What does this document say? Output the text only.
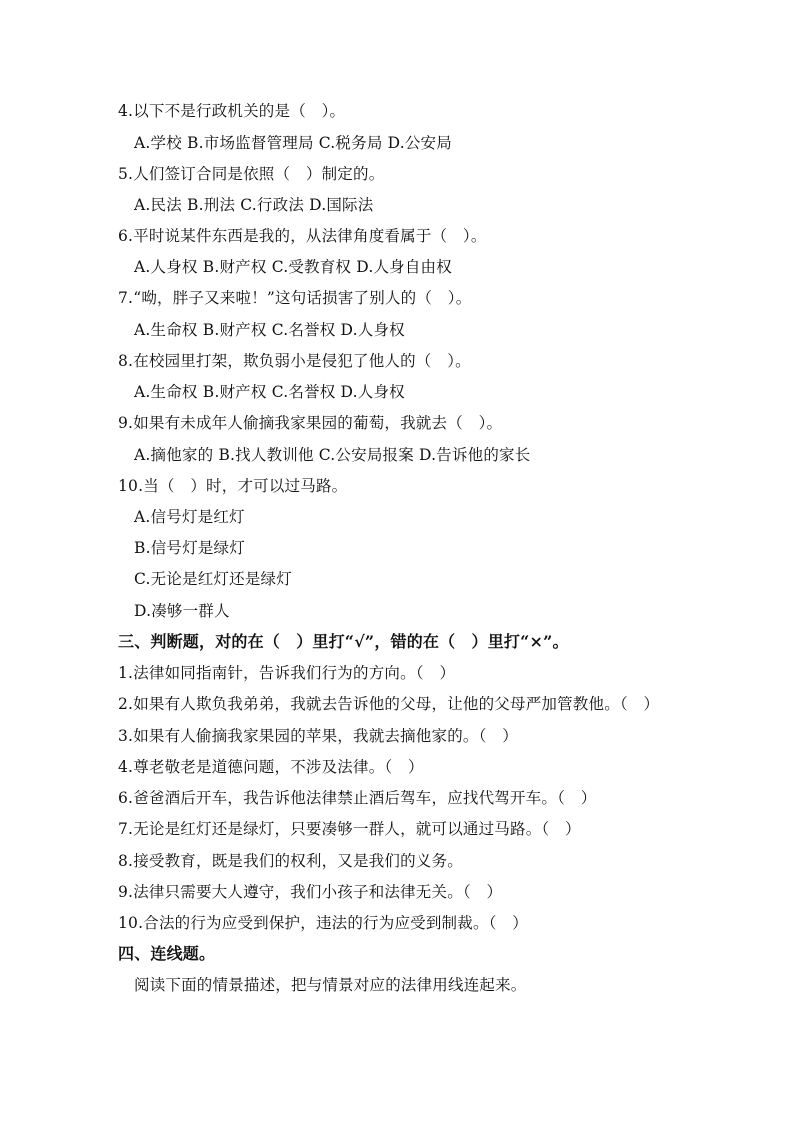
4.以下不是行政机关的是（　）。
A.学校 B.市场监督管理局 C.税务局 D.公安局
5.人们签订合同是依照（　）制定的。
A.民法 B.刑法 C.行政法 D.国际法
6.平时说某件东西是我的，从法律角度看属于（　）。
A.人身权 B.财产权 C.受教育权 D.人身自由权
7.“呦，胖子又来啦！”这句话损害了别人的（　）。
A.生命权 B.财产权 C.名誉权 D.人身权
8.在校园里打架，欺负弱小是侵犯了他人的（　）。
A.生命权 B.财产权 C.名誉权 D.人身权
9.如果有未成年人偷摘我家果园的葡萄，我就去（　）。
A.摘他家的 B.找人教训他 C.公安局报案 D.告诉他的家长
10.当（　）时，才可以过马路。
A.信号灯是红灯
B.信号灯是绿灯
C.无论是红灯还是绿灯
D.凑够一群人
三、判断题，对的在（　）里打“√”，错的在（　）里打“×”。
1.法律如同指南针，告诉我们行为的方向。（　）
2.如果有人欺负我弟弟，我就去告诉他的父母，让他的父母严加管教他。（　）
3.如果有人偷摘我家果园的苹果，我就去摘他家的。（　）
4.尊老敬老是道德问题，不涉及法律。（　）
6.爸爸酒后开车，我告诉他法律禁止酒后驾车，应找代驾开车。（　）
7.无论是红灯还是绿灯，只要凑够一群人，就可以通过马路。（　）
8.接受教育，既是我们的权利，又是我们的义务。
9.法律只需要大人遵守，我们小孩子和法律无关。（　）
10.合法的行为应受到保护，违法的行为应受到制裁。（　）
四、连线题。
阅读下面的情景描述，把与情景对应的法律用线连起来。
